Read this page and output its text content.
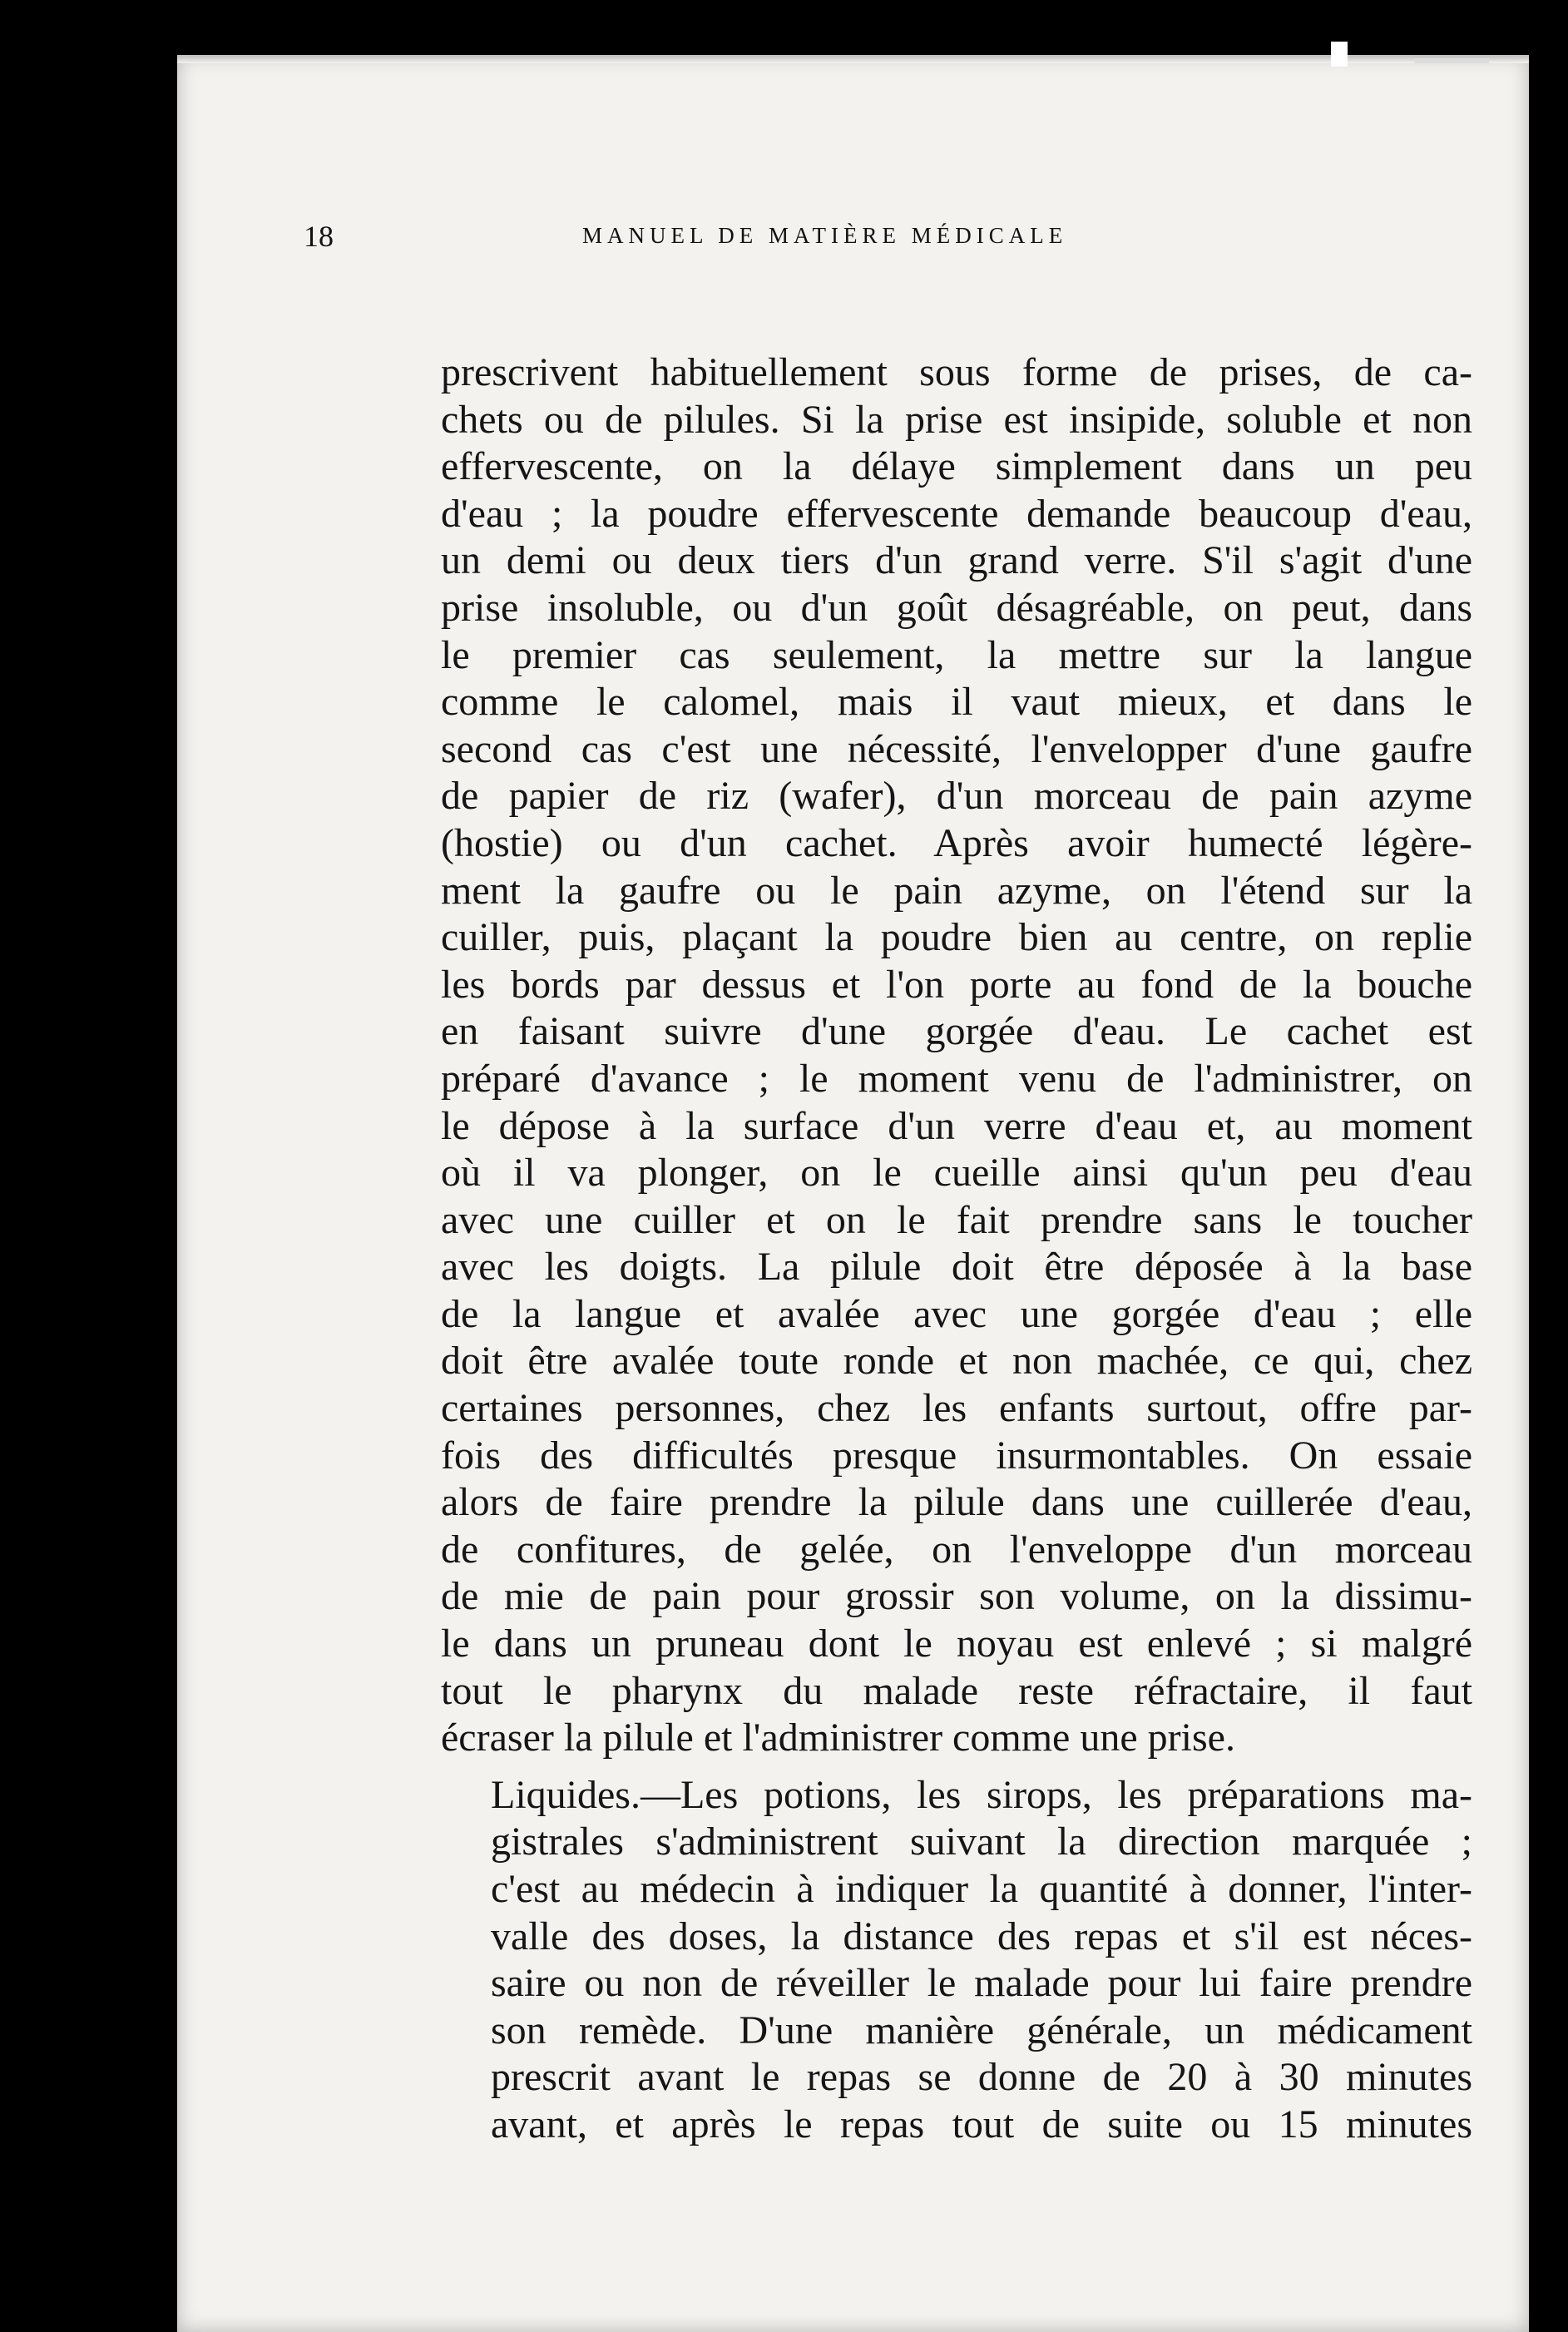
18	MANUEL DE MATIÈRE MÉDICALE
prescrivent habituellement sous forme de prises, de ca-
chets ou de pilules. Si la prise est insipide, soluble et non
effervescente, on la délaye simplement dans un peu
d'eau ; la poudre effervescente demande beaucoup d'eau,
un demi ou deux tiers d'un grand verre. S'il s'agit d'une
prise insoluble, ou d'un goût désagréable, on peut, dans
le premier cas seulement, la mettre sur la langue
comme le calomel, mais il vaut mieux, et dans le
second cas c'est une nécessité, l'envelopper d'une gaufre
de papier de riz (wafer), d'un morceau de pain azyme
(hostie) ou d'un cachet. Après avoir humecté légère-
ment la gaufre ou le pain azyme, on l'étend sur la
cuiller, puis, plaçant la poudre bien au centre, on replie
les bords par dessus et l'on porte au fond de la bouche
en faisant suivre d'une gorgée d'eau. Le cachet est
préparé d'avance ; le moment venu de l'administrer, on
le dépose à la surface d'un verre d'eau et, au moment
où il va plonger, on le cueille ainsi qu'un peu d'eau
avec une cuiller et on le fait prendre sans le toucher
avec les doigts. La pilule doit être déposée à la base
de la langue et avalée avec une gorgée d'eau ; elle
doit être avalée toute ronde et non machée, ce qui, chez
certaines personnes, chez les enfants surtout, offre par-
fois des difficultés presque insurmontables. On essaie
alors de faire prendre la pilule dans une cuillerée d'eau,
de confitures, de gelée, on l'enveloppe d'un morceau
de mie de pain pour grossir son volume, on la dissimu-
le dans un pruneau dont le noyau est enlevé ; si malgré
tout le pharynx du malade reste réfractaire, il faut
écraser la pilule et l'administrer comme une prise.
Liquides.—Les potions, les sirops, les préparations ma-
gistrales s'administrent suivant la direction marquée ;
c'est au médecin à indiquer la quantité à donner, l'inter-
valle des doses, la distance des repas et s'il est néces-
saire ou non de réveiller le malade pour lui faire prendre
son remède. D'une manière générale, un médicament
prescrit avant le repas se donne de 20 à 30 minutes
avant, et après le repas tout de suite ou 15 minutes
